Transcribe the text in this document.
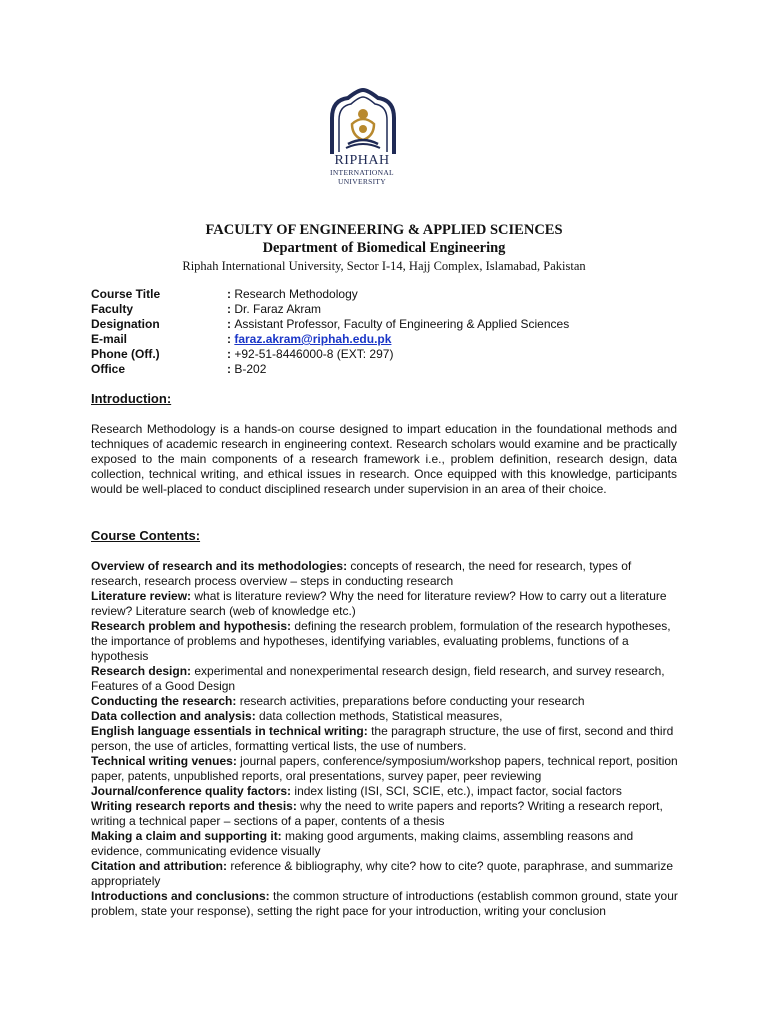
RIPHAH
INTERNATIONAL
UNIVERSITY
FACULTY OF ENGINEERING & APPLIED SCIENCES
Department of Biomedical Engineering
Riphah International University, Sector I-14, Hajj Complex, Islamabad, Pakistan
Course Title	: Research Methodology
Faculty	: Dr. Faraz Akram
Designation	: Assistant Professor, Faculty of Engineering & Applied Sciences
E-mail	: faraz.akram@riphah.edu.pk
Phone (Off.)	: +92-51-8446000-8 (EXT: 297)
Office	: B-202
Introduction:
Research Methodology is a hands-on course designed to impart education in the foundational methods and techniques of academic research in engineering context. Research scholars would examine and be practically exposed to the main components of a research framework i.e., problem definition, research design, data collection, technical writing, and ethical issues in research. Once equipped with this knowledge, participants would be well-placed to conduct disciplined research under supervision in an area of their choice.
Course Contents:
Overview of research and its methodologies: concepts of research, the need for research, types of research, research process overview – steps in conducting research
Literature review: what is literature review? Why the need for literature review? How to carry out a literature review? Literature search (web of knowledge etc.)
Research problem and hypothesis: defining the research problem, formulation of the research hypotheses, the importance of problems and hypotheses, identifying variables, evaluating problems, functions of a hypothesis
Research design: experimental and nonexperimental research design, field research, and survey research, Features of a Good Design
Conducting the research: research activities, preparations before conducting your research
Data collection and analysis: data collection methods, Statistical measures,
English language essentials in technical writing: the paragraph structure, the use of first, second and third person, the use of articles, formatting vertical lists, the use of numbers.
Technical writing venues: journal papers, conference/symposium/workshop papers, technical report, position paper, patents, unpublished reports, oral presentations, survey paper, peer reviewing
Journal/conference quality factors: index listing (ISI, SCI, SCIE, etc.), impact factor, social factors
Writing research reports and thesis: why the need to write papers and reports? Writing a research report, writing a technical paper – sections of a paper, contents of a thesis
Making a claim and supporting it: making good arguments, making claims, assembling reasons and evidence, communicating evidence visually
Citation and attribution: reference & bibliography, why cite? how to cite? quote, paraphrase, and summarize appropriately
Introductions and conclusions: the common structure of introductions (establish common ground, state your problem, state your response), setting the right pace for your introduction, writing your conclusion
